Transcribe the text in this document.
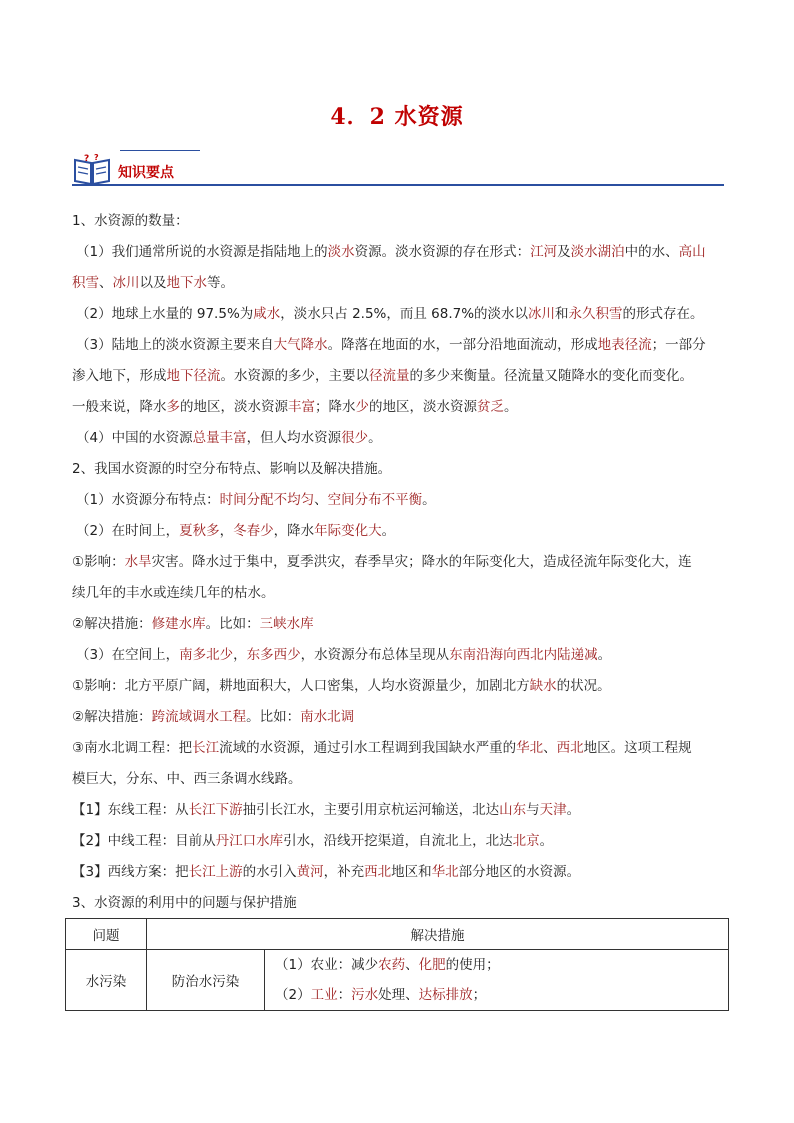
4．2 水资源
? ?
知识要点
1、水资源的数量：
（1）我们通常所说的水资源是指陆地上的淡水资源。淡水资源的存在形式：江河及淡水湖泊中的水、高山
积雪、冰川以及地下水等。
（2）地球上水量的 97.5%为咸水，淡水只占 2.5%，而且 68.7%的淡水以冰川和永久积雪的形式存在。
（3）陆地上的淡水资源主要来自大气降水。降落在地面的水，一部分沿地面流动，形成地表径流；一部分
渗入地下，形成地下径流。水资源的多少，主要以径流量的多少来衡量。径流量又随降水的变化而变化。
一般来说，降水多的地区，淡水资源丰富；降水少的地区，淡水资源贫乏。
（4）中国的水资源总量丰富，但人均水资源很少。
2、我国水资源的时空分布特点、影响以及解决措施。
（1）水资源分布特点：时间分配不均匀、空间分布不平衡。
（2）在时间上，夏秋多，冬春少，降水年际变化大。
①影响：水旱灾害。降水过于集中，夏季洪灾，春季旱灾；降水的年际变化大，造成径流年际变化大，连
续几年的丰水或连续几年的枯水。
②解决措施：修建水库。比如：三峡水库
（3）在空间上，南多北少，东多西少，水资源分布总体呈现从东南沿海向西北内陆递减。
①影响：北方平原广阔，耕地面积大，人口密集，人均水资源量少，加剧北方缺水的状况。
②解决措施：跨流域调水工程。比如：南水北调
③南水北调工程：把长江流域的水资源，通过引水工程调到我国缺水严重的华北、西北地区。这项工程规
模巨大，分东、中、西三条调水线路。
【1】东线工程：从长江下游抽引长江水，主要引用京杭运河输送，北达山东与天津。
【2】中线工程：目前从丹江口水库引水，沿线开挖渠道，自流北上，北达北京。
【3】西线方案：把长江上游的水引入黄河，补充西北地区和华北部分地区的水资源。
3、水资源的利用中的问题与保护措施
问题	解决措施	
水污染	防治水污染	（1）农业：减少农药、化肥的使用；
		（2）工业：污水处理、达标排放；
